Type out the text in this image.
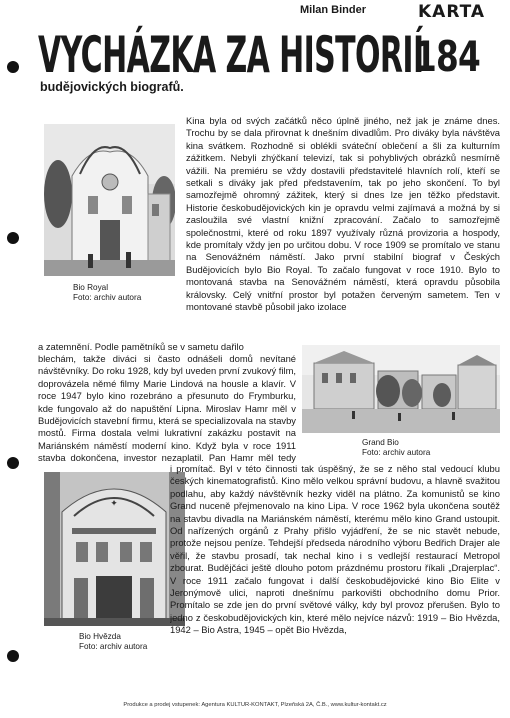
Milan Binder	KARTA
184
VYCHÁZKA ZA HISTORIÍ
budějovických biografů.
Bio Royal
Foto: archiv autora
Grand Bio
Foto: archiv autora
✦
Bio Hvězda
Foto: archiv autora
Kina byla od svých začátků něco úplně jiného, než jak je známe dnes. Trochu by se dala přirovnat k dnešním divadlům. Pro diváky byla návštěva kina svátkem. Rozhodně si oblékli sváteční oblečení a šli za kulturním zážitkem. Nebyli zhýčkaní televizí, tak si pohyblivých obrázků nesmírně vážili. Na premiéru se vždy dostavili představitelé hlavních rolí, kteří se setkali s diváky jak před představením, tak po jeho skončení. To byl samozřejmě ohromný zážitek, který si dnes lze jen těžko představit. Historie českobudějovických kin je opravdu velmi zajímavá a možná by si zasloužila své vlastní knižní zpracování. Začalo to samozřejmě společnostmi, které od roku 1897 využívaly různá provizoria a hospody, kde promítaly vždy jen po určitou dobu. V roce 1909 se promítalo ve stanu na Senovážném náměstí. Jako první stabilní biograf v Českých Budějovicích bylo Bio Royal. To začalo fungovat v roce 1910. Bylo to montovaná stavba na Senovážném náměstí, která opravdu působila královsky. Celý vnitřní prostor byl potažen červeným sametem. Ten v montované stavbě působil jako izolace
a zatemnění. Podle pamětníků se v sametu dařilo
blechám, takže diváci si často odnášeli domů nevítané návštěvníky. Do roku 1928, kdy byl uveden první zvukový film, doprovázela němé filmy Marie Lindová na housle a klavír. V roce 1947 bylo kino rozebráno a přesunuto do Frymburku, kde fungovalo až do napuštění Lipna. Miroslav Hamr měl v Budějovicích stavební firmu, která se specializovala na stavby mostů. Firma dostala velmi lukrativní zakázku postavit na Mariánském náměstí moderní kino. Když byla v roce 1911 stavba dokončena, investor nezaplatil. Pan Hamr měl tedy
i promítač. Byl v této činnosti tak úspěšný, že se z něho stal vedoucí klubu českých kinematografistů. Kino mělo velkou správní budovu, a hlavně svažitou podlahu, aby každý návštěvník hezky viděl na plátno. Za komunistů se kino Grand nuceně přejmenovalo na kino Lipa. V roce 1962 byla ukončena soutěž na stavbu divadla na Mariánském náměstí, kterému mělo kino Grand ustoupit. Od nařízených orgánů z Prahy přišlo vyjádření, že se nic stavět nebude, protože nejsou peníze. Tehdejší předseda národního výboru Bedřich Drajer ale věřil, že stavbu prosadí, tak nechal kino i s vedlejší restaurací Metropol zbourat. Budějčáci ještě dlouho potom prázdnému prostoru říkali „Drajerplac“. V roce 1911 začalo fungovat i další českobudějovické kino Bio Elite v Jeronýmově ulici, naproti dnešnímu parkovišti obchodního domu Prior. Promítalo se zde jen do první světové války, kdy byl provoz přerušen. Bylo to jedno z českobudějovických kin, které mělo nejvíce názvů: 1919 – Bio Hvězda, 1942 – Bio Astra, 1945 – opět Bio Hvězda,
Produkce a prodej vstupenek: Agentura KULTUR-KONTAKT, Plzeňská 2A, Č.B., www.kultur-kontakt.cz
